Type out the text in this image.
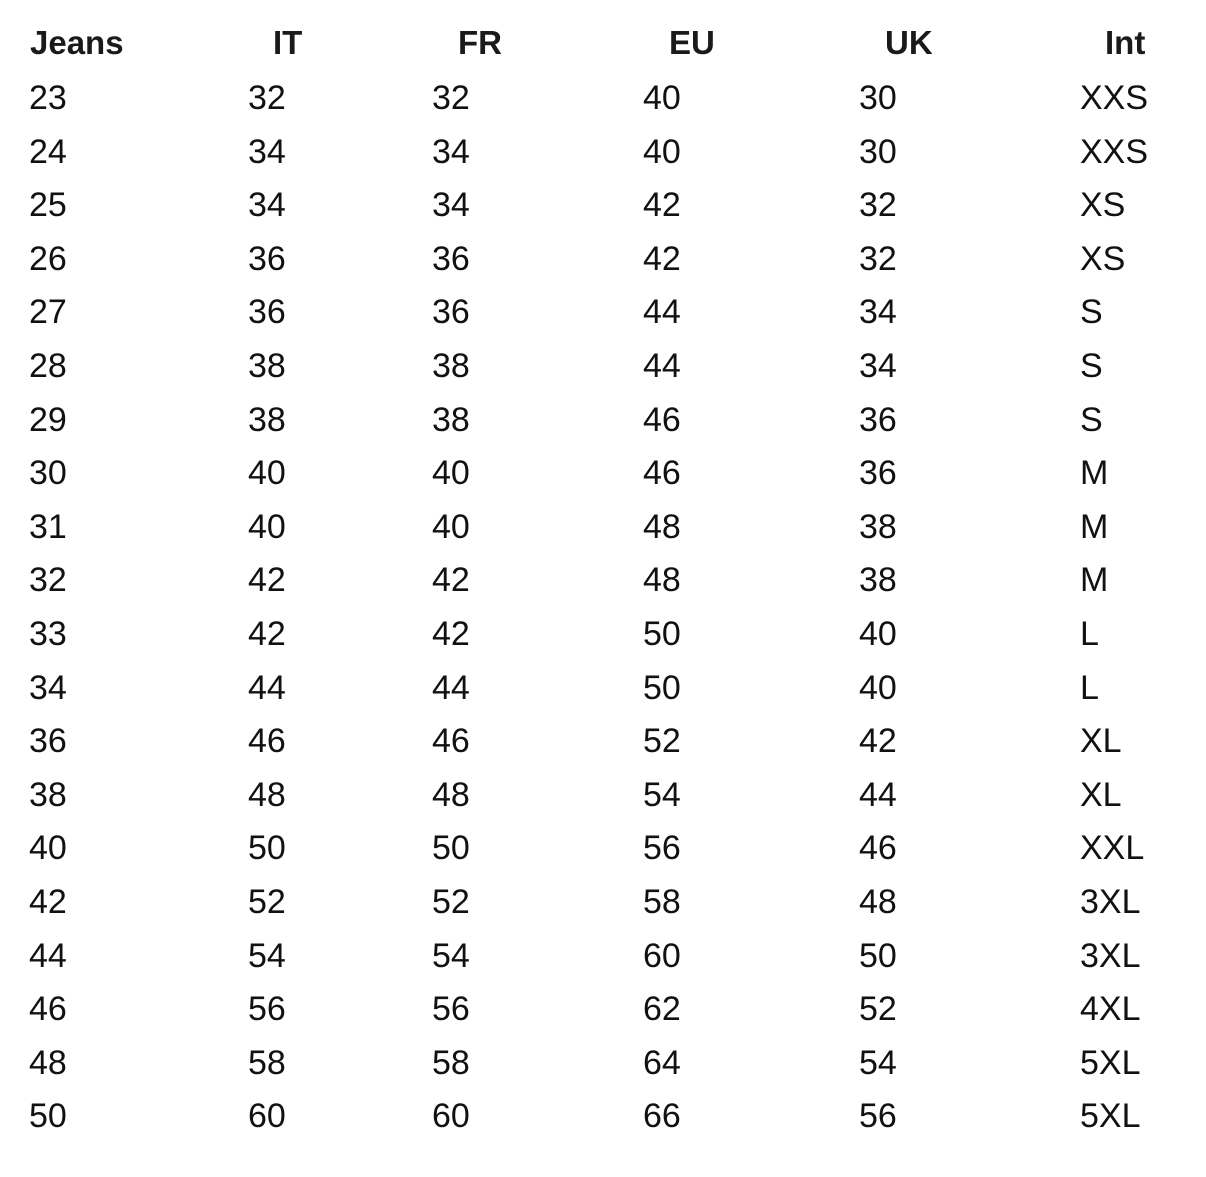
Jeans	IT	FR	EU	UK	Int
23	32	32	40	30	XXS
24	34	34	40	30	XXS
25	34	34	42	32	XS
26	36	36	42	32	XS
27	36	36	44	34	S
28	38	38	44	34	S
29	38	38	46	36	S
30	40	40	46	36	M
31	40	40	48	38	M
32	42	42	48	38	M
33	42	42	50	40	L
34	44	44	50	40	L
36	46	46	52	42	XL
38	48	48	54	44	XL
40	50	50	56	46	XXL
42	52	52	58	48	3XL
44	54	54	60	50	3XL
46	56	56	62	52	4XL
48	58	58	64	54	5XL
50	60	60	66	56	5XL
